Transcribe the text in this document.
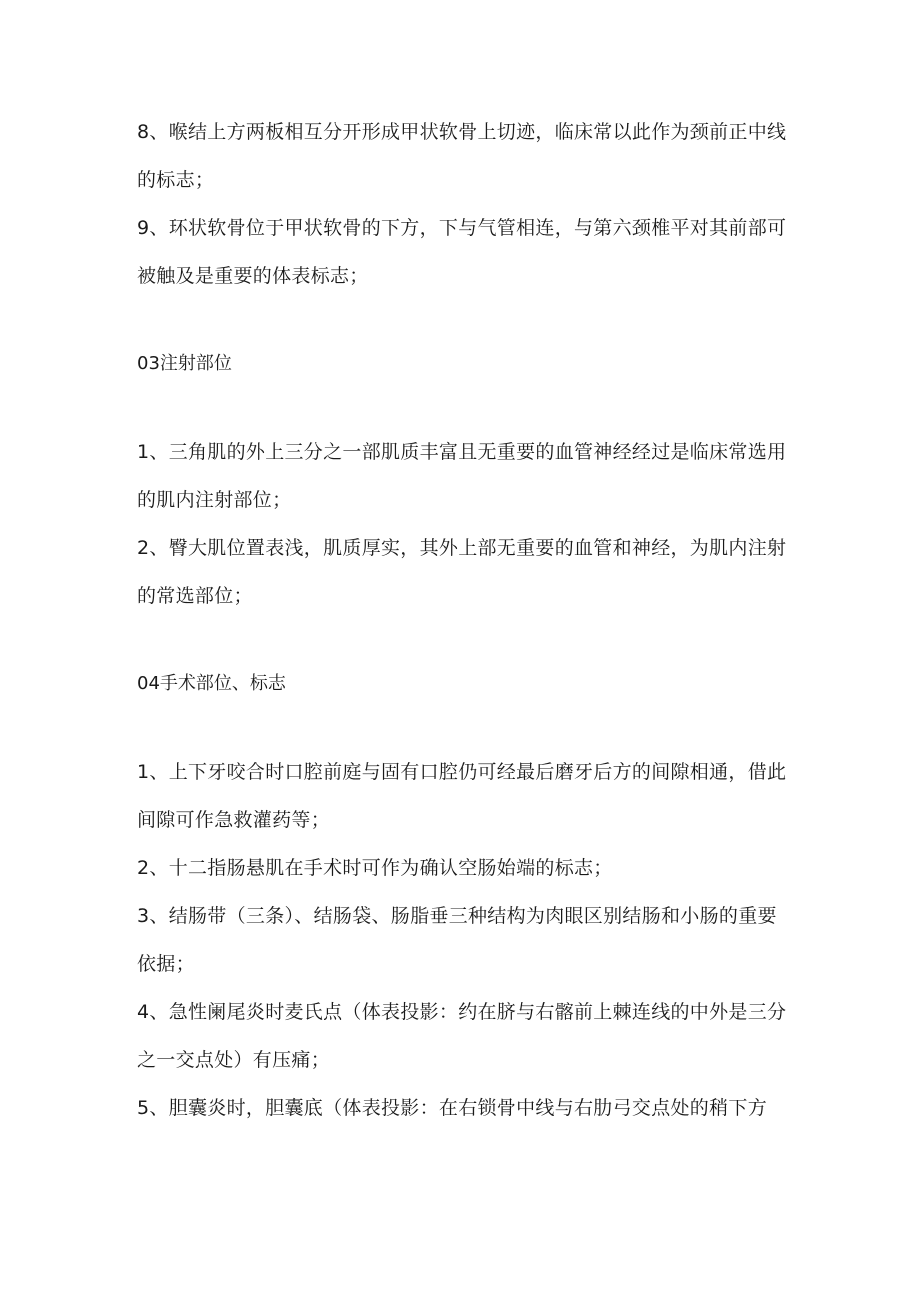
8、喉结上方两板相互分开形成甲状软骨上切迹，临床常以此作为颈前正中线的标志；

9、环状软骨位于甲状软骨的下方，下与气管相连，与第六颈椎平对其前部可被触及是重要的体表标志；

03注射部位

1、三角肌的外上三分之一部肌质丰富且无重要的血管神经经过是临床常选用的肌内注射部位；

2、臀大肌位置表浅，肌质厚实，其外上部无重要的血管和神经，为肌内注射的常选部位；

04手术部位、标志

1、上下牙咬合时口腔前庭与固有口腔仍可经最后磨牙后方的间隙相通，借此间隙可作急救灌药等；

2、十二指肠悬肌在手术时可作为确认空肠始端的标志；

3、结肠带（三条）、结肠袋、肠脂垂三种结构为肉眼区别结肠和小肠的重要依据；

4、急性阑尾炎时麦氏点（体表投影：约在脐与右髂前上棘连线的中外是三分之一交点处）有压痛；

5、胆囊炎时，胆囊底（体表投影：在右锁骨中线与右肋弓交点处的稍下方
